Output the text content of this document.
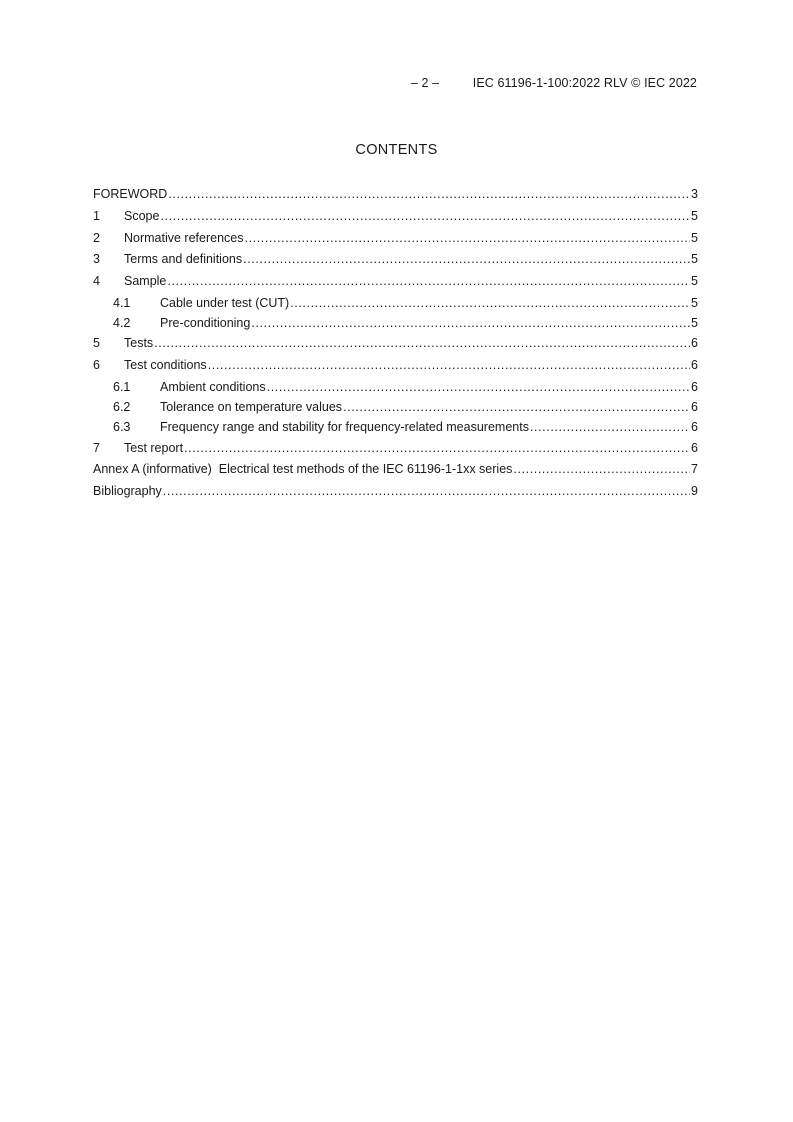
– 2 –	IEC 61196-1-100:2022 RLV © IEC 2022
CONTENTS
FOREWORD .....	3
1	Scope .....	5
2	Normative references .....	5
3	Terms and definitions .....	5
4	Sample .....	5
4.1	Cable under test (CUT) .....	5
4.2	Pre-conditioning .....	5
5	Tests .....	6
6	Test conditions .....	6
6.1	Ambient conditions .....	6
6.2	Tolerance on temperature values .....	6
6.3	Frequency range and stability for frequency-related measurements .....	6
7	Test report .....	6
Annex A (informative)  Electrical test methods of the IEC 61196-1-1xx series .....	7
Bibliography .....	9
